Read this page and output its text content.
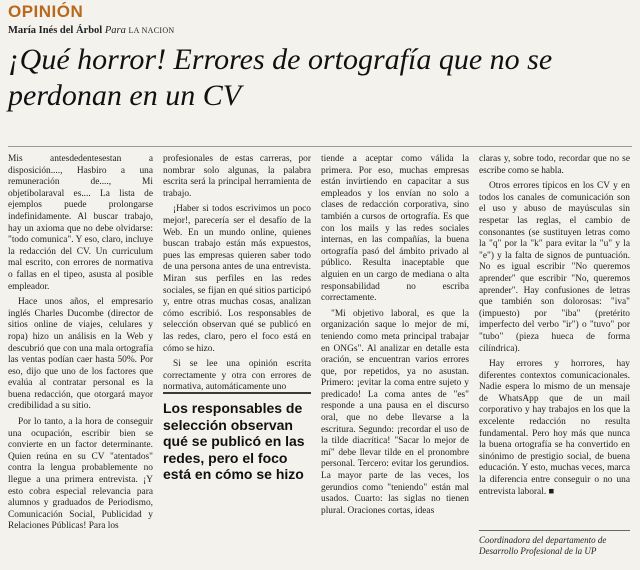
OPINIÓN
María Inés del Árbol Para LA NACION
¡Qué horror! Errores de ortografía que no se perdonan en un CV

Mis antesdedentesestan a disposición...., Hasbiro a una remuneración de...., Mi objetibolaraval es.... La lista de ejemplos puede prolongarse indefinidamente. Al buscar trabajo, hay un axioma que no debe olvidarse: "todo comunica". Y eso, claro, incluye la redacción del CV. Un curriculum mal escrito, con errores de normativa o fallas en el tipeo, asusta al posible empleador.

Hace unos años, el empresario inglés Charles Ducombe (director de sitios online de viajes, celulares y ropa) hizo un análisis en la Web y descubrió que con una mala ortografía las ventas podían caer hasta 50%. Por eso, dijo que uno de los factores que evalúa al contratar personal es la buena redacción, que otorgará mayor credibilidad a su sitio.

Por lo tanto, a la hora de conseguir una ocupación, escribir bien se convierte en un factor determinante. Quien reúna en su CV "atentados" contra la lengua probablemente no llegue a una primera entrevista. ¡Y esto cobra especial relevancia para alumnos y graduados de Periodismo, Comunicación Social, Publicidad y Relaciones Públicas! Para los

profesionales de estas carreras, por nombrar solo algunas, la palabra escrita será la principal herramienta de trabajo.

¡Haber si todos escrivimos un poco mejor!, parecería ser el desafío de la Web. En un mundo online, quienes buscan trabajo están más expuestos, pues las empresas quieren saber todo de una persona antes de una entrevista. Miran sus perfiles en las redes sociales, se fijan en qué sitios participó y, entre otras muchas cosas, analizan cómo escribió. Los responsables de selección observan qué se publicó en las redes, claro, pero el foco está en cómo se hizo.

Si se lee una opinión escrita correctamente y otra con errores de normativa, automáticamente uno

Los responsables de selección observan qué se publicó en las redes, pero el foco está en cómo se hizo

tiende a aceptar como válida la primera. Por eso, muchas empresas están invirtiendo en capacitar a sus empleados y los envían no solo a clases de redacción corporativa, sino también a cursos de ortografía. Es que con los mails y las redes sociales internas, en las compañías, la buena ortografía pasó del ámbito privado al público. Resulta inaceptable que alguien en un cargo de mediana o alta responsabilidad no escriba correctamente.

"Mi objetivo laboral, es que la organización saque lo mejor de mí, teniendo como meta principal trabajar en ONGs". Al analizar en detalle esta oración, se encuentran varios errores que, por repetidos, ya no asustan. Primero: ¡evitar la coma entre sujeto y predicado! La coma antes de "es" responde a una pausa en el discurso oral, que no debe llevarse a la escritura. Segundo: ¡recordar el uso de la tilde diacrítica! "Sacar lo mejor de mí" debe llevar tilde en el pronombre personal. Tercero: evitar los gerundios. La mayor parte de las veces, los gerundios como "teniendo" están mal usados. Cuarto: las siglas no tienen plural. Oraciones cortas, ideas

claras y, sobre todo, recordar que no se escribe como se habla.

Otros errores típicos en los CV y en todos los canales de comunicación son el uso y abuso de mayúsculas sin respetar las reglas, el cambio de consonantes (se sustituyen letras como la "q" por la "k" para evitar la "u" y la "e") y la falta de signos de puntuación. No es igual escribir "No queremos aprender" que escribir "No, queremos aprender". Hay confusiones de letras que también son dolorosas: "iva" (impuesto) por "iba" (pretérito imperfecto del verbo "ir") o "tuvo" por "tubo" (pieza hueca de forma cilíndrica).

Hay errores y horrores, hay diferentes contextos comunicacionales. Nadie espera lo mismo de un mensaje de WhatsApp que de un mail corporativo y hay trabajos en los que la excelente redacción no resulta fundamental. Pero hoy más que nunca la buena ortografía se ha convertido en sinónimo de prestigio social, de buena educación. Y esto, muchas veces, marca la diferencia entre conseguir o no una entrevista laboral. ■

Coordinadora del departamento de Desarrollo Profesional de la UP
